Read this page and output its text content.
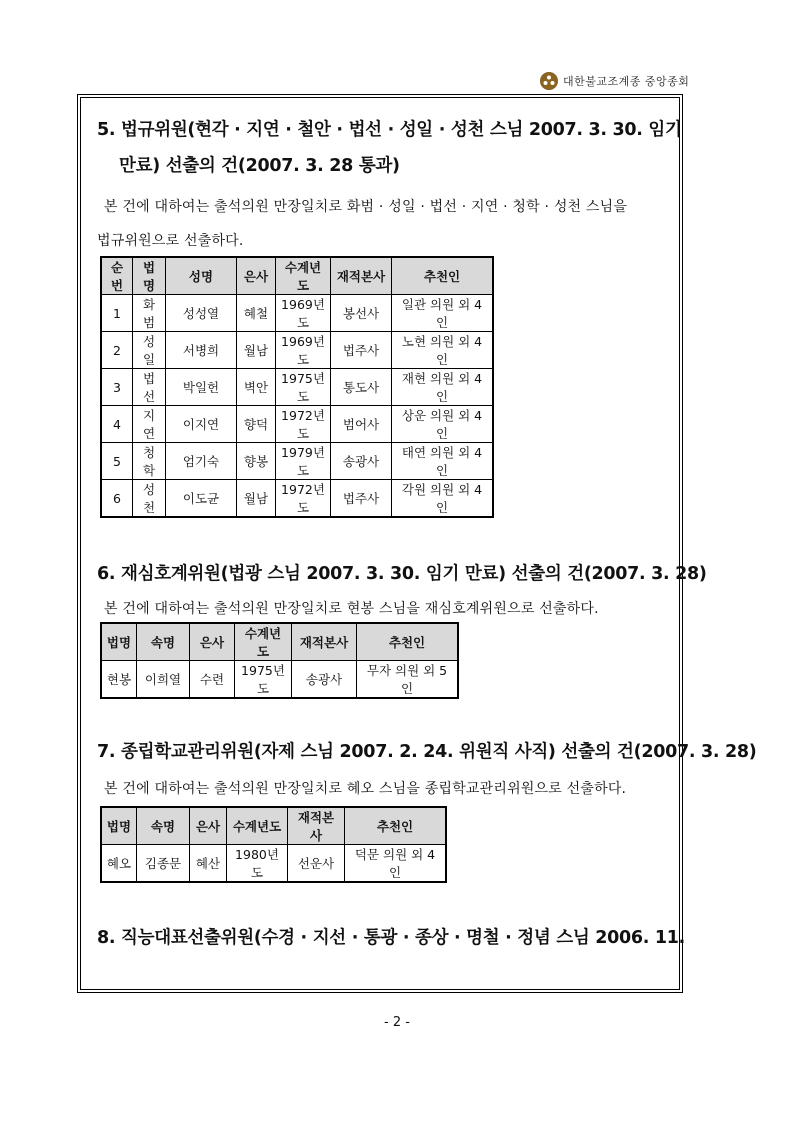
대한불교조계종 중앙종회
5. 법규위원(현각 · 지연 · 철안 · 법선 · 성일 · 성천 스님 2007. 3. 30. 임기
만료) 선출의 건(2007. 3. 28 통과)
본 건에 대하여는 출석의원 만장일치로 화범 · 성일 · 법선 · 지연 · 청학 · 성천 스님을
법규위원으로 선출하다.
순번	법명	성명	은사	수계년도	재적본사	추천인
1	화범	성성열	혜철	1969년도	봉선사	일관 의원 외 4인
2	성일	서병희	월남	1969년도	법주사	노현 의원 외 4인
3	법선	박일헌	벽안	1975년도	통도사	재현 의원 외 4인
4	지연	이지연	향덕	1972년도	범어사	상운 의원 외 4인
5	청학	엄기숙	향봉	1979년도	송광사	태연 의원 외 4인
6	성천	이도균	월남	1972년도	법주사	각원 의원 외 4인
6. 재심호계위원(법광 스님 2007. 3. 30. 임기 만료) 선출의 건(2007. 3. 28)
본 건에 대하여는 출석의원 만장일치로 현봉 스님을 재심호계위원으로 선출하다.
법명	속명	은사	수계년도	재적본사	추천인
현봉	이희열	수련	1975년도	송광사	무자 의원 외 5인
7. 종립학교관리위원(자제 스님 2007. 2. 24. 위원직 사직) 선출의 건(2007. 3. 28)
본 건에 대하여는 출석의원 만장일치로 혜오 스님을 종립학교관리위원으로 선출하다.
법명	속명	은사	수계년도	재적본사	추천인
혜오	김종문	혜산	1980년도	선운사	덕문 의원 외 4인
8. 직능대표선출위원(수경 · 지선 · 통광 · 종상 · 명철 · 정념 스님 2006. 11.
- 2 -
